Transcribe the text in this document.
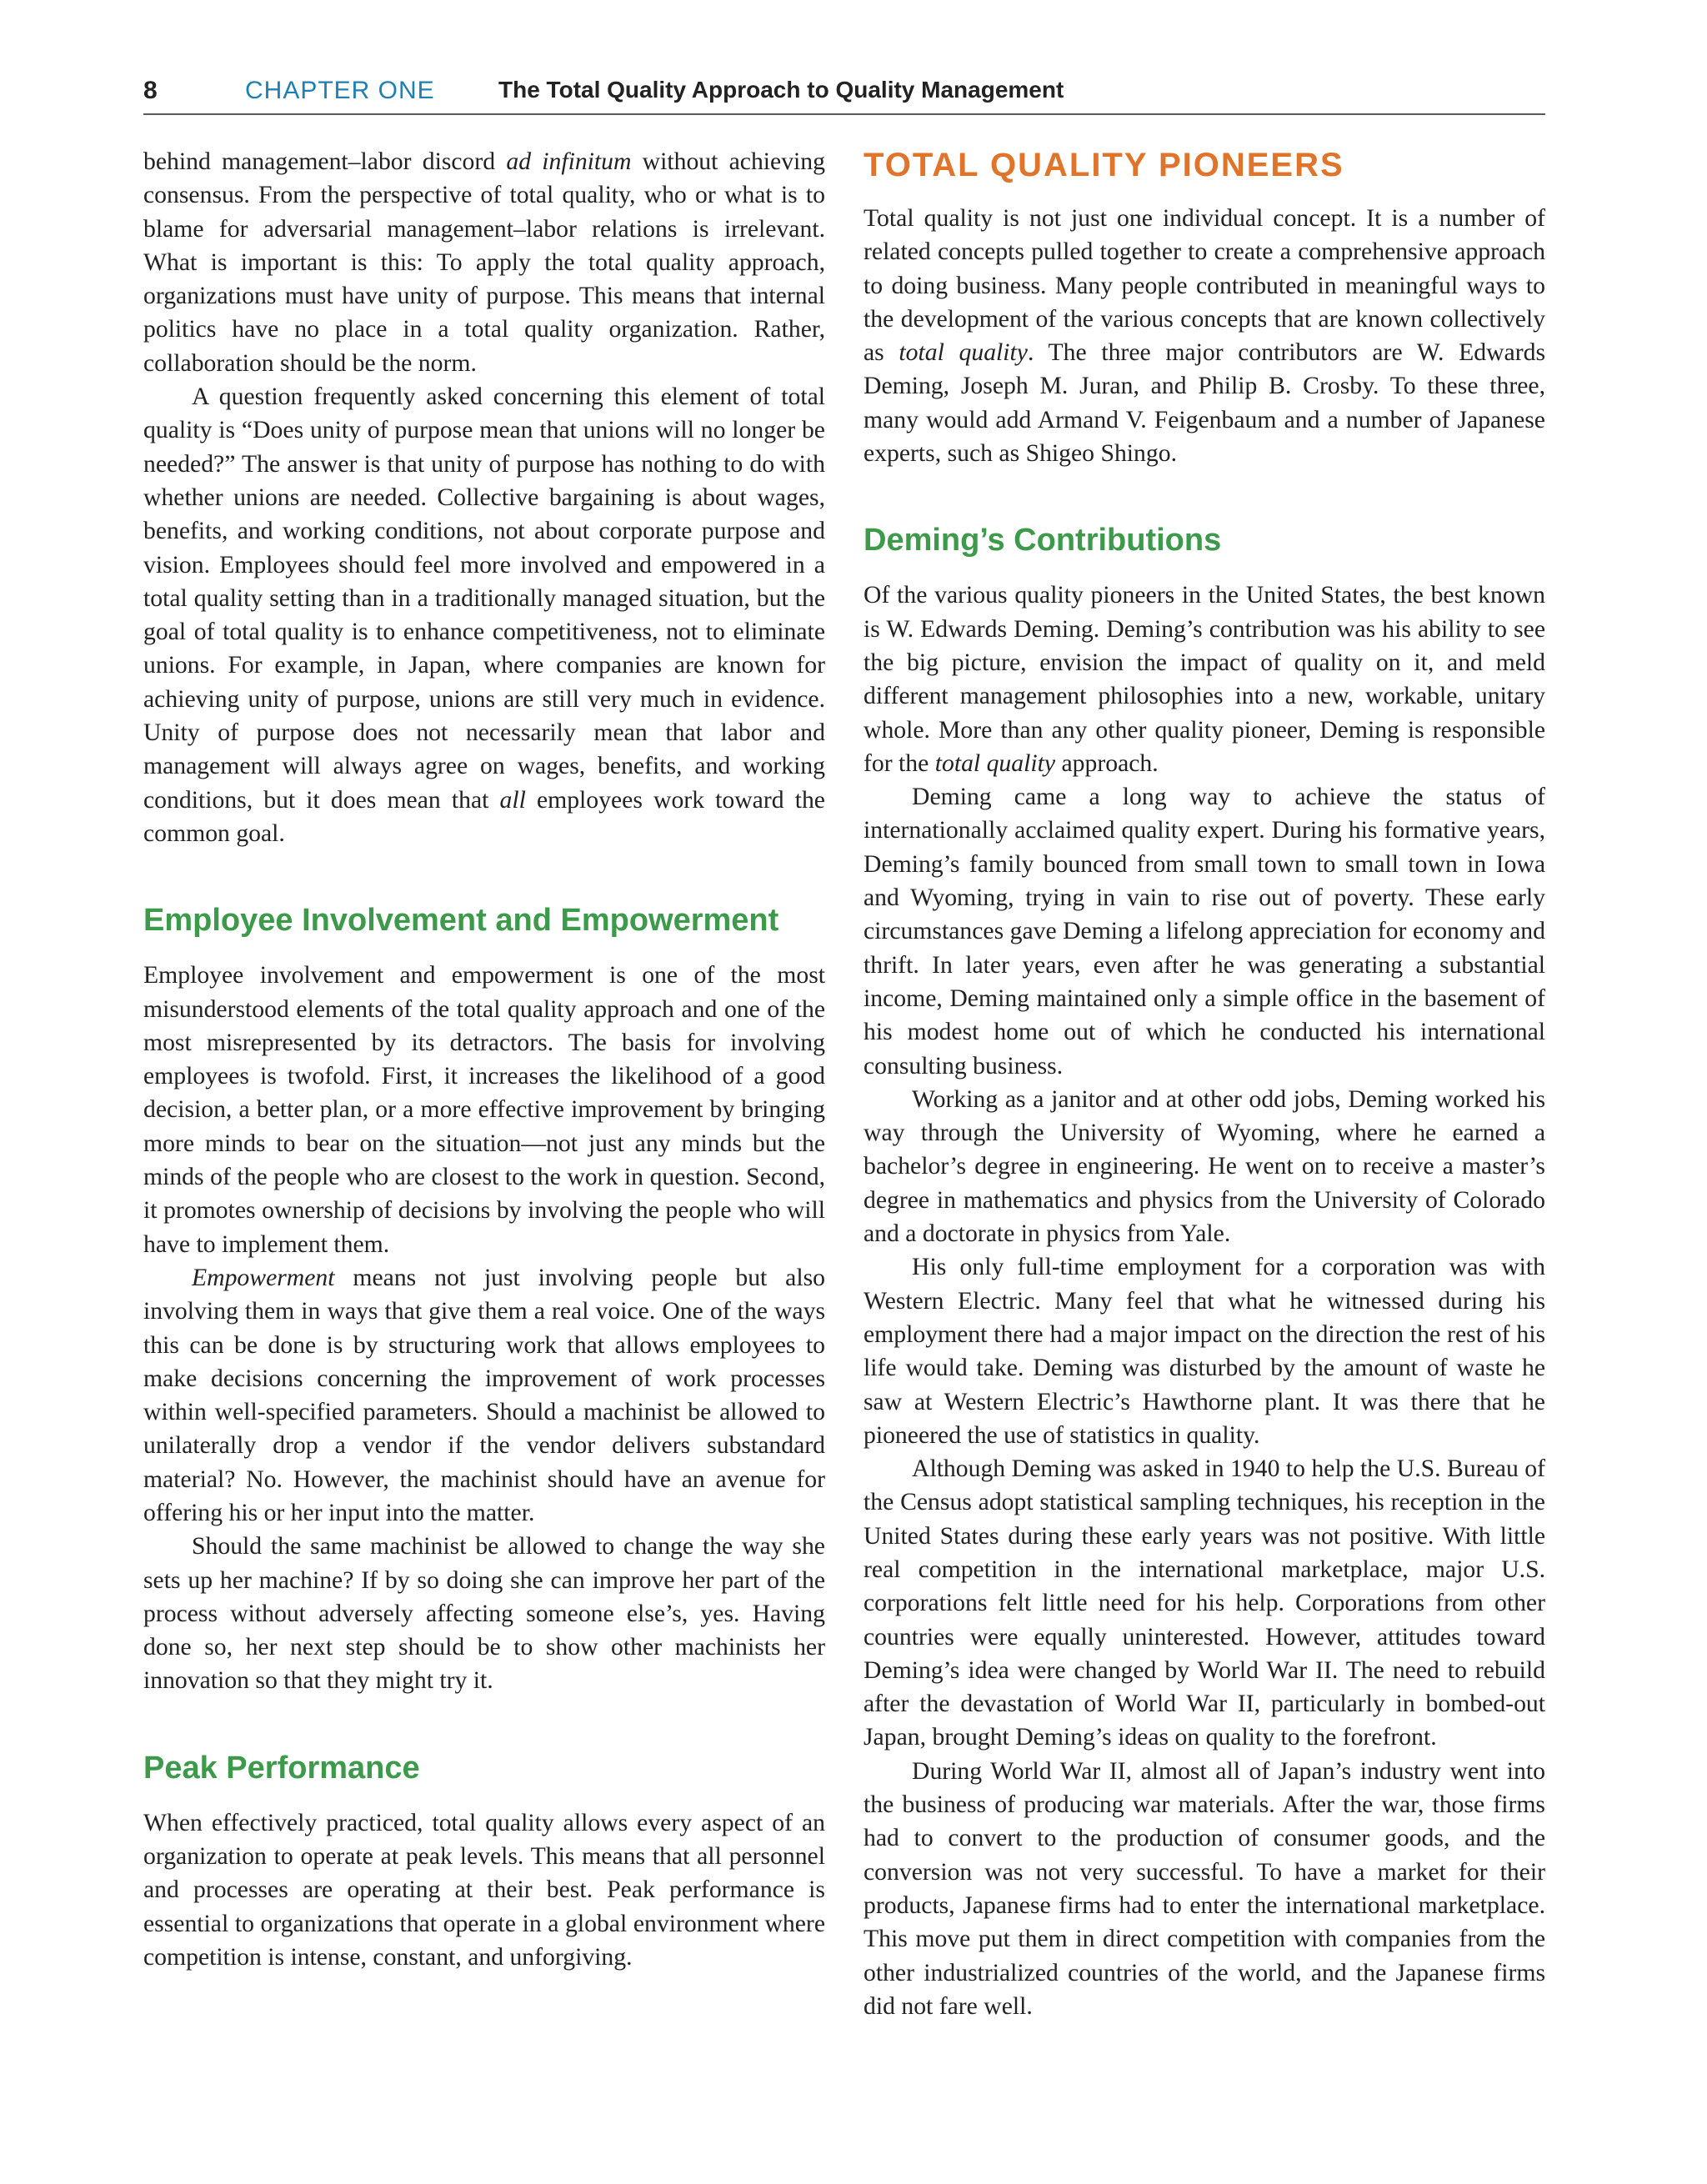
8	CHAPTER ONE	The Total Quality Approach to Quality Management

behind management–labor discord ad infinitum without achieving consensus. From the perspective of total quality, who or what is to blame for adversarial management–labor relations is irrelevant. What is important is this: To apply the total quality approach, organizations must have unity of purpose. This means that internal politics have no place in a total quality organization. Rather, collaboration should be the norm.

A question frequently asked concerning this element of total quality is “Does unity of purpose mean that unions will no longer be needed?” The answer is that unity of purpose has nothing to do with whether unions are needed. Collective bargaining is about wages, benefits, and working conditions, not about corporate purpose and vision. Employees should feel more involved and empowered in a total quality setting than in a traditionally managed situation, but the goal of total quality is to enhance competitiveness, not to eliminate unions. For example, in Japan, where companies are known for achieving unity of purpose, unions are still very much in evidence. Unity of purpose does not necessarily mean that labor and management will always agree on wages, benefits, and working conditions, but it does mean that all employees work toward the common goal.

Employee Involvement and Empowerment

Employee involvement and empowerment is one of the most misunderstood elements of the total quality approach and one of the most misrepresented by its detractors. The basis for involving employees is twofold. First, it increases the likelihood of a good decision, a better plan, or a more effective improvement by bringing more minds to bear on the situation—not just any minds but the minds of the people who are closest to the work in question. Second, it promotes ownership of decisions by involving the people who will have to implement them.

Empowerment means not just involving people but also involving them in ways that give them a real voice. One of the ways this can be done is by structuring work that allows employees to make decisions concerning the improvement of work processes within well-specified parameters. Should a machinist be allowed to unilaterally drop a vendor if the vendor delivers substandard material? No. However, the machinist should have an avenue for offering his or her input into the matter.

Should the same machinist be allowed to change the way she sets up her machine? If by so doing she can improve her part of the process without adversely affecting someone else’s, yes. Having done so, her next step should be to show other machinists her innovation so that they might try it.

Peak Performance

When effectively practiced, total quality allows every aspect of an organization to operate at peak levels. This means that all personnel and processes are operating at their best. Peak performance is essential to organizations that operate in a global environment where competition is intense, constant, and unforgiving.

TOTAL QUALITY PIONEERS

Total quality is not just one individual concept. It is a number of related concepts pulled together to create a comprehensive approach to doing business. Many people contributed in meaningful ways to the development of the various concepts that are known collectively as total quality. The three major contributors are W. Edwards Deming, Joseph M. Juran, and Philip B. Crosby. To these three, many would add Armand V. Feigenbaum and a number of Japanese experts, such as Shigeo Shingo.

Deming’s Contributions

Of the various quality pioneers in the United States, the best known is W. Edwards Deming. Deming’s contribution was his ability to see the big picture, envision the impact of quality on it, and meld different management philosophies into a new, workable, unitary whole. More than any other quality pioneer, Deming is responsible for the total quality approach.

Deming came a long way to achieve the status of internationally acclaimed quality expert. During his formative years, Deming’s family bounced from small town to small town in Iowa and Wyoming, trying in vain to rise out of poverty. These early circumstances gave Deming a lifelong appreciation for economy and thrift. In later years, even after he was generating a substantial income, Deming maintained only a simple office in the basement of his modest home out of which he conducted his international consulting business.

Working as a janitor and at other odd jobs, Deming worked his way through the University of Wyoming, where he earned a bachelor’s degree in engineering. He went on to receive a master’s degree in mathematics and physics from the University of Colorado and a doctorate in physics from Yale.

His only full-time employment for a corporation was with Western Electric. Many feel that what he witnessed during his employment there had a major impact on the direction the rest of his life would take. Deming was disturbed by the amount of waste he saw at Western Electric’s Hawthorne plant. It was there that he pioneered the use of statistics in quality.

Although Deming was asked in 1940 to help the U.S. Bureau of the Census adopt statistical sampling techniques, his reception in the United States during these early years was not positive. With little real competition in the international marketplace, major U.S. corporations felt little need for his help. Corporations from other countries were equally uninterested. However, attitudes toward Deming’s idea were changed by World War II. The need to rebuild after the devastation of World War II, particularly in bombed-out Japan, brought Deming’s ideas on quality to the forefront.

During World War II, almost all of Japan’s industry went into the business of producing war materials. After the war, those firms had to convert to the production of consumer goods, and the conversion was not very successful. To have a market for their products, Japanese firms had to enter the international marketplace. This move put them in direct competition with companies from the other industrialized countries of the world, and the Japanese firms did not fare well.
